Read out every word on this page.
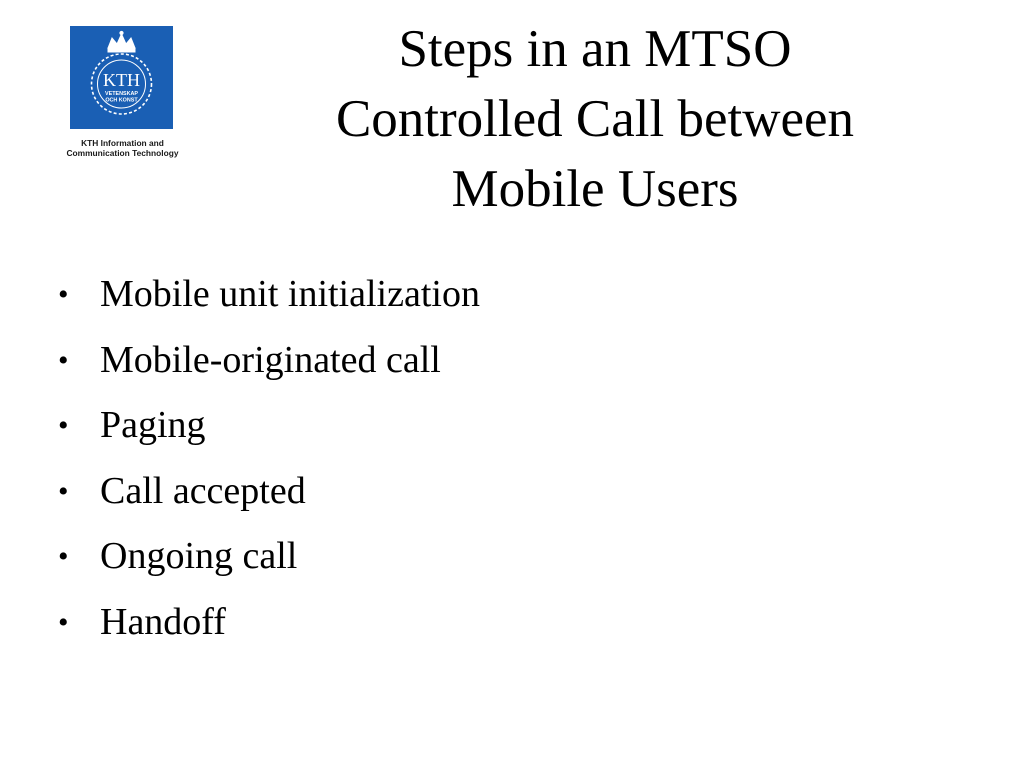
KTH
VETENSKAP
OCH KONST
KTH Information and
Communication Technology
Steps in an MTSO
Controlled Call between
Mobile Users
• Mobile unit initialization
• Mobile-originated call
• Paging
• Call accepted
• Ongoing call
• Handoff
